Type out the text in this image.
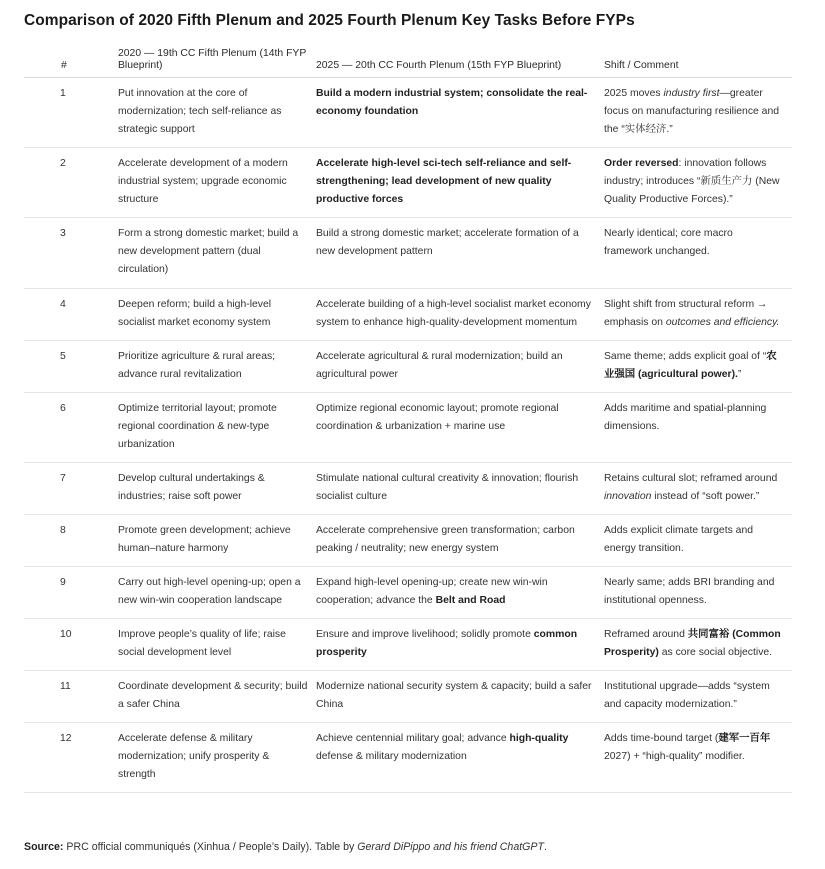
Comparison of 2020 Fifth Plenum and 2025 Fourth Plenum Key Tasks Before FYPs
#	2020 — 19th CC Fifth Plenum (14th FYP Blueprint)	2025 — 20th CC Fourth Plenum (15th FYP Blueprint)	Shift / Comment
1	Put innovation at the core of modernization; tech self-reliance as strategic support	Build a modern industrial system; consolidate the real-economy foundation	2025 moves industry first—greater focus on manufacturing resilience and the “实体经济.”
2	Accelerate development of a modern industrial system; upgrade economic structure	Accelerate high-level sci-tech self-reliance and self-strengthening; lead development of new quality productive forces	Order reversed: innovation follows industry; introduces “新质生产力 (New Quality Productive Forces).”
3	Form a strong domestic market; build a new development pattern (dual circulation)	Build a strong domestic market; accelerate formation of a new development pattern	Nearly identical; core macro framework unchanged.
4	Deepen reform; build a high-level socialist market economy system	Accelerate building of a high-level socialist market economy system to enhance high-quality-development momentum	Slight shift from structural reform → emphasis on outcomes and efficiency.
5	Prioritize agriculture & rural areas; advance rural revitalization	Accelerate agricultural & rural modernization; build an agricultural power	Same theme; adds explicit goal of “农业强国 (agricultural power).”
6	Optimize territorial layout; promote regional coordination & new-type urbanization	Optimize regional economic layout; promote regional coordination & urbanization + marine use	Adds maritime and spatial-planning dimensions.
7	Develop cultural undertakings & industries; raise soft power	Stimulate national cultural creativity & innovation; flourish socialist culture	Retains cultural slot; reframed around innovation instead of “soft power.”
8	Promote green development; achieve human–nature harmony	Accelerate comprehensive green transformation; carbon peaking / neutrality; new energy system	Adds explicit climate targets and energy transition.
9	Carry out high-level opening-up; open a new win-win cooperation landscape	Expand high-level opening-up; create new win-win cooperation; advance the Belt and Road	Nearly same; adds BRI branding and institutional openness.
10	Improve people’s quality of life; raise social development level	Ensure and improve livelihood; solidly promote common prosperity	Reframed around 共同富裕 (Common Prosperity) as core social objective.
11	Coordinate development & security; build a safer China	Modernize national security system & capacity; build a safer China	Institutional upgrade—adds “system and capacity modernization.”
12	Accelerate defense & military modernization; unify prosperity & strength	Achieve centennial military goal; advance high-quality defense & military modernization	Adds time-bound target (建军一百年 2027) + “high-quality” modifier.
Source: PRC official communiqués (Xinhua / People’s Daily). Table by Gerard DiPippo and his friend ChatGPT.
